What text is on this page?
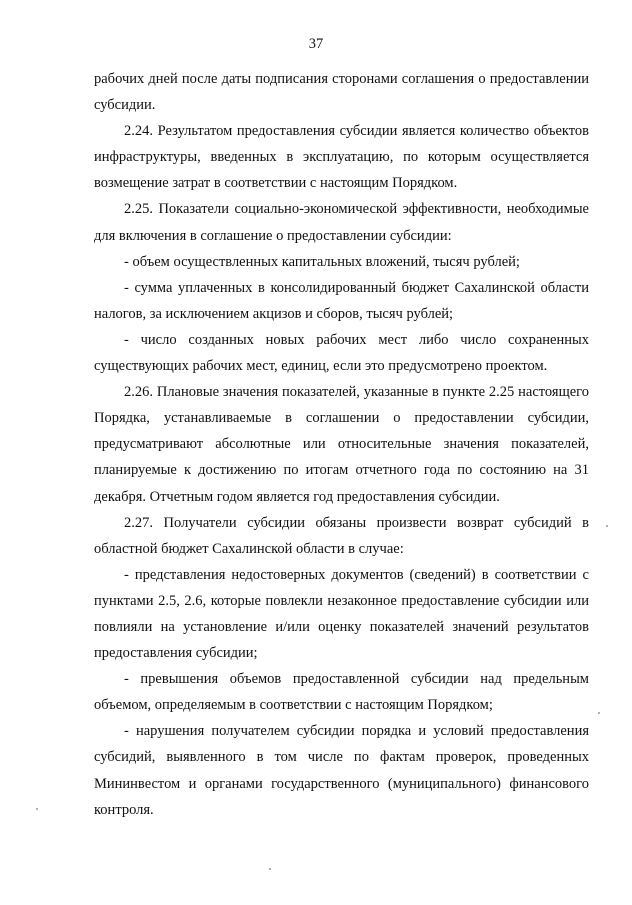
37

рабочих дней после даты подписания сторонами соглашения о предоставлении субсидии.

2.24. Результатом предоставления субсидии является количество объектов инфраструктуры, введенных в эксплуатацию, по которым осуществляется возмещение затрат в соответствии с настоящим Порядком.

2.25. Показатели социально-экономической эффективности, необходимые для включения в соглашение о предоставлении субсидии:

- объем осуществленных капитальных вложений, тысяч рублей;

- сумма уплаченных в консолидированный бюджет Сахалинской области налогов, за исключением акцизов и сборов, тысяч рублей;

- число созданных новых рабочих мест либо число сохраненных существующих рабочих мест, единиц, если это предусмотрено проектом.

2.26. Плановые значения показателей, указанные в пункте 2.25 настоящего Порядка, устанавливаемые в соглашении о предоставлении субсидии, предусматривают абсолютные или относительные значения показателей, планируемые к достижению по итогам отчетного года по состоянию на 31 декабря. Отчетным годом является год предоставления субсидии.

2.27. Получатели субсидии обязаны произвести возврат субсидий в областной бюджет Сахалинской области в случае:

- представления недостоверных документов (сведений) в соответствии с пунктами 2.5, 2.6, которые повлекли незаконное предоставление субсидии или повлияли на установление и/или оценку показателей значений результатов предоставления субсидии;

- превышения объемов предоставленной субсидии над предельным объемом, определяемым в соответствии с настоящим Порядком;

- нарушения получателем субсидии порядка и условий предоставления субсидий, выявленного в том числе по фактам проверок, проведенных Мининвестом и органами государственного (муниципального) финансового контроля.
